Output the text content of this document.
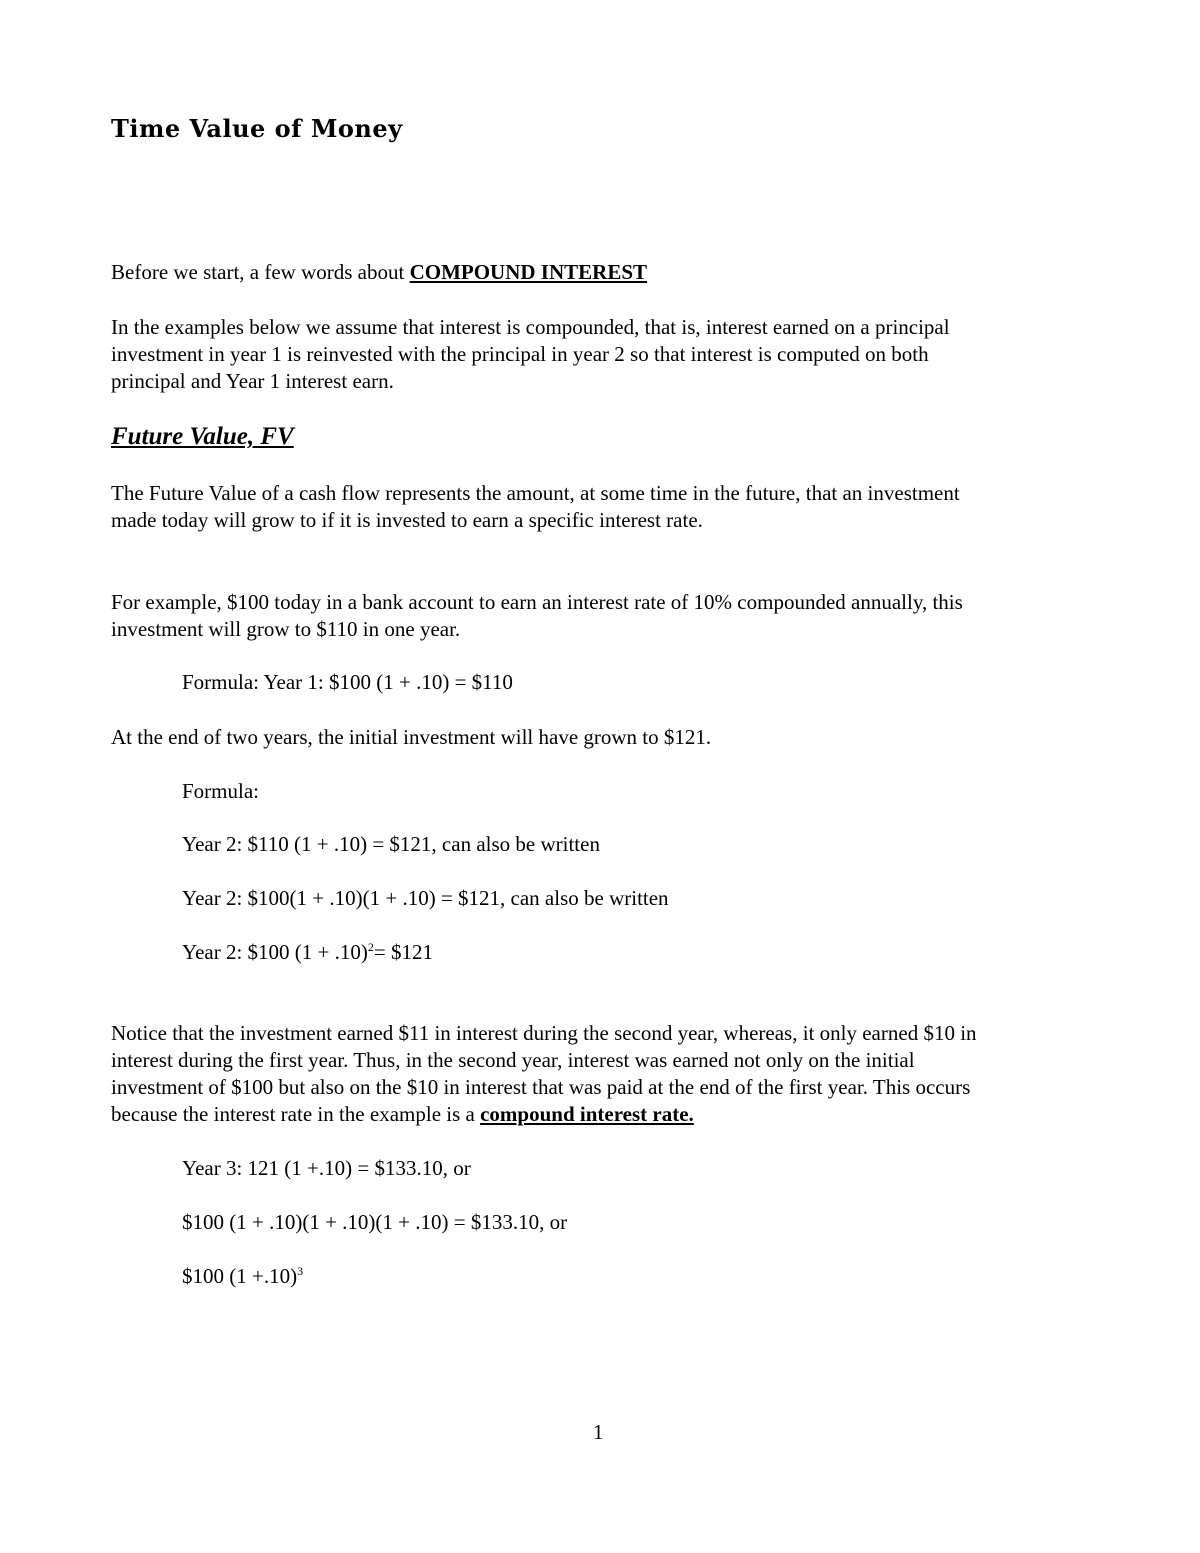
Time Value of Money
Before we start, a few words about COMPOUND INTEREST
In the examples below we assume that interest is compounded, that is, interest earned on a principal
investment in year 1 is reinvested with the principal in year 2 so that interest is computed on both
principal and Year 1 interest earn.
Future Value, FV
The Future Value of a cash flow represents the amount, at some time in the future, that an investment
made today will grow to if it is invested to earn a specific interest rate.
For example, $100 today in a bank account to earn an interest rate of 10% compounded annually, this
investment will grow to $110 in one year.
Formula: Year 1: $100 (1 + .10) = $110
At the end of two years, the initial investment will have grown to $121.
Formula:
Year 2: $110 (1 + .10) = $121, can also be written
Year 2: $100(1 + .10)(1 + .10) = $121, can also be written
Year 2: $100 $(1 + .10)^2=$ $121
Notice that the investment earned $11 in interest during the second year, whereas, it only earned $10 in
interest during the first year. Thus, in the second year, interest was earned not only on the initial
investment of $100 but also on the $10 in interest that was paid at the end of the first year. This occurs
because the interest rate in the example is a compound interest rate.
Year 3: 121 (1 +.10) = $133.10, or
$100 (1 + .10)(1 + .10)(1 + .10) = $133.10, or
$100 $(1 +.10)^3$
1
